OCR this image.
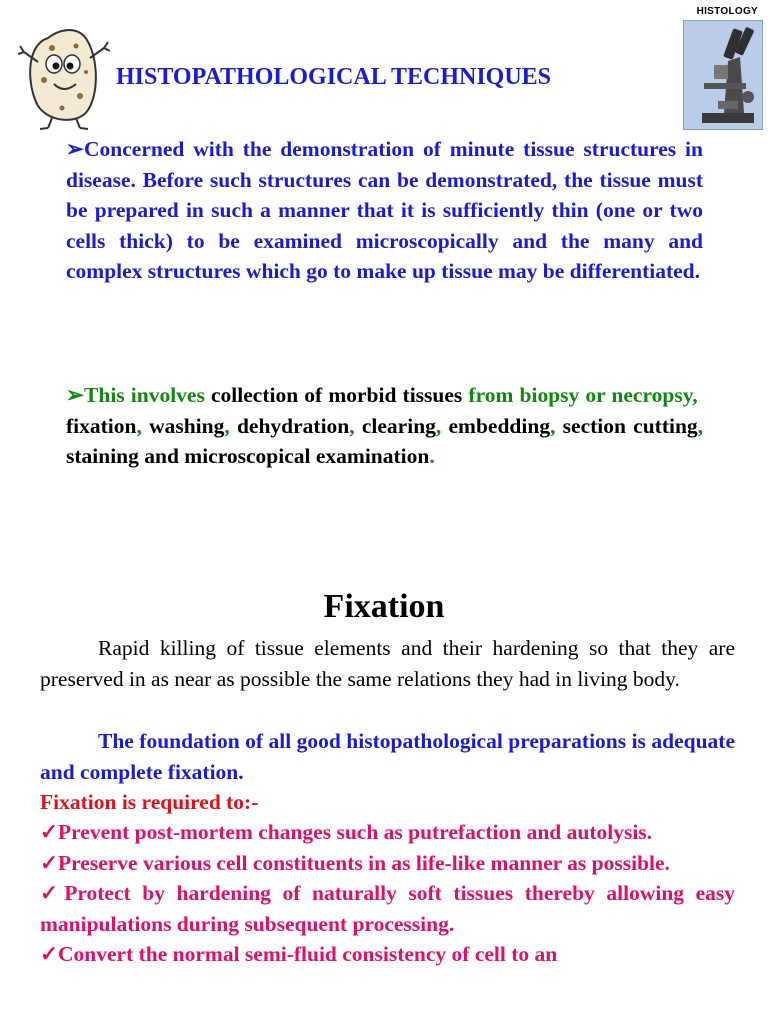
HISTOLOGY
HISTOPATHOLOGICAL TECHNIQUES
➢Concerned with the demonstration of minute tissue structures in disease. Before such structures can be demonstrated, the tissue must be prepared in such a manner that it is sufficiently thin (one or two cells thick) to be examined microscopically and the many and complex structures which go to make up tissue may be differentiated.
➢This involves collection of morbid tissues from biopsy or necropsy,  fixation, washing, dehydration, clearing, embedding, section cutting, staining and microscopical examination.
Fixation
Rapid killing of tissue elements and their hardening so that they are preserved in as near as possible the same relations they had in living body.
The foundation of all good histopathological preparations is adequate and complete fixation.
Fixation is required to:-
✓Prevent post-mortem changes such as putrefaction and autolysis.
✓Preserve various cell constituents in as life-like manner as possible.
✓Protect by hardening of naturally soft tissues thereby allowing easy manipulations during subsequent processing.
✓Convert the normal semi-fluid consistency of cell to an
